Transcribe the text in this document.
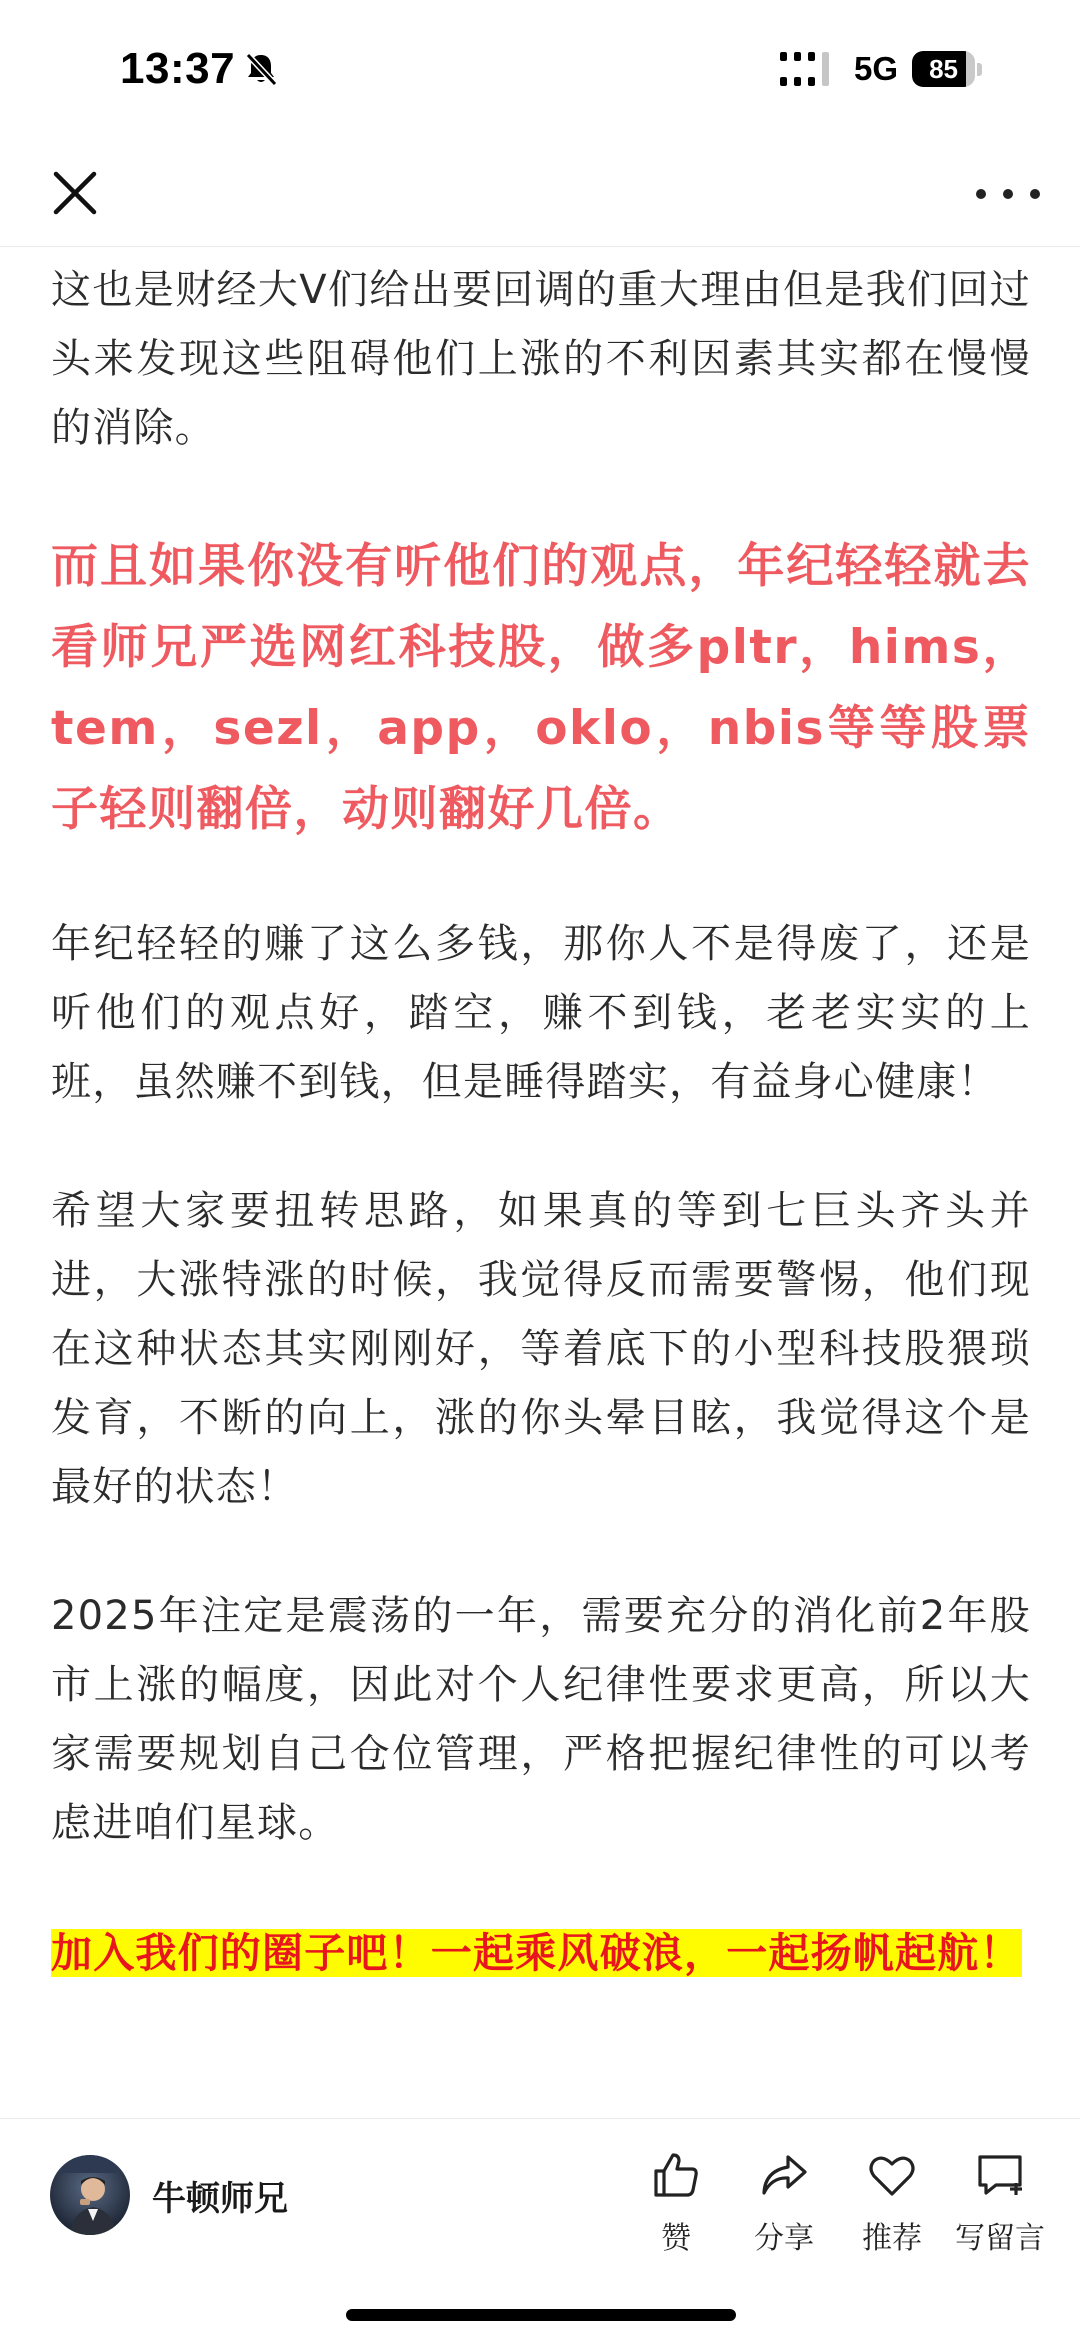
13:37	5G	85

这也是财经大V们给出要回调的重大理由但是我们回过头来发现这些阻碍他们上涨的不利因素其实都在慢慢的消除。

而且如果你没有听他们的观点，年纪轻轻就去看师兄严选网红科技股，做多pltr，hims，tem，sezl，app，oklo，nbis等等股票子轻则翻倍，动则翻好几倍。

年纪轻轻的赚了这么多钱，那你人不是得废了，还是听他们的观点好，踏空，赚不到钱，老老实实的上班，虽然赚不到钱，但是睡得踏实，有益身心健康！

希望大家要扭转思路，如果真的等到七巨头齐头并进，大涨特涨的时候，我觉得反而需要警惕，他们现在这种状态其实刚刚好，等着底下的小型科技股猥琐发育，不断的向上，涨的你头晕目眩，我觉得这个是最好的状态！

2025年注定是震荡的一年，需要充分的消化前2年股市上涨的幅度，因此对个人纪律性要求更高，所以大家需要规划自己仓位管理，严格把握纪律性的可以考虑进咱们星球。

加入我们的圈子吧！一起乘风破浪，一起扬帆起航！

牛顿师兄
赞 分享 推荐 写留言
